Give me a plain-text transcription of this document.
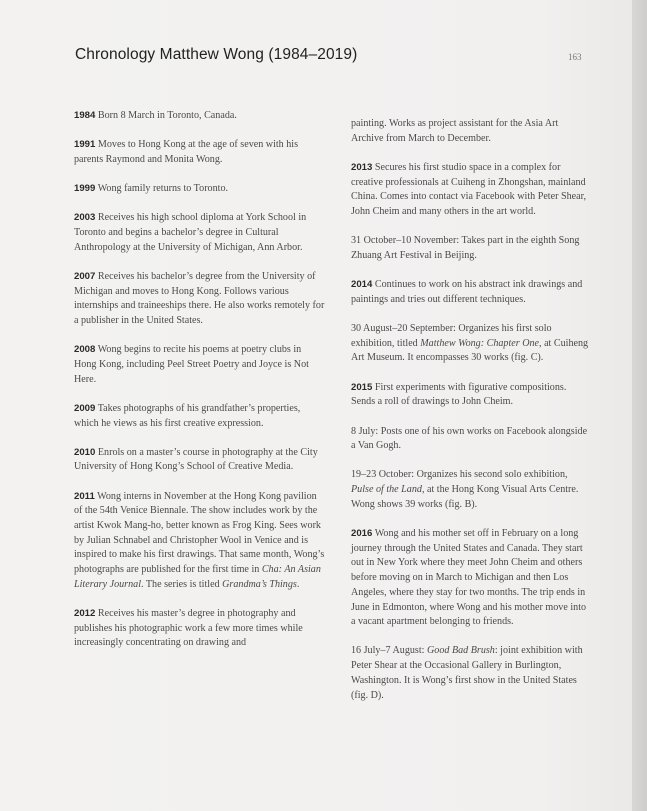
Chronology Matthew Wong (1984–2019)	163

1984 Born 8 March in Toronto, Canada.

1991 Moves to Hong Kong at the age of seven with his parents Raymond and Monita Wong.

1999 Wong family returns to Toronto.

2003 Receives his high school diploma at York School in Toronto and begins a bachelor’s degree in Cultural Anthropology at the University of Michigan, Ann Arbor.

2007 Receives his bachelor’s degree from the University of Michigan and moves to Hong Kong. Follows various internships and traineeships there. He also works remotely for a publisher in the United States.

2008 Wong begins to recite his poems at poetry clubs in Hong Kong, including Peel Street Poetry and Joyce is Not Here.

2009 Takes photographs of his grandfather’s properties, which he views as his first creative expression.

2010 Enrols on a master’s course in photography at the City University of Hong Kong’s School of Creative Media.

2011 Wong interns in November at the Hong Kong pavilion of the 54th Venice Biennale. The show includes work by the artist Kwok Mang-ho, better known as Frog King. Sees work by Julian Schnabel and Christopher Wool in Venice and is inspired to make his first drawings. That same month, Wong’s photographs are published for the first time in Cha: An Asian Literary Journal. The series is titled Grandma’s Things.

2012 Receives his master’s degree in photography and publishes his photographic work a few more times while increasingly concentrating on drawing and

painting. Works as project assistant for the Asia Art Archive from March to December.

2013 Secures his first studio space in a complex for creative professionals at Cuiheng in Zhongshan, mainland China. Comes into contact via Facebook with Peter Shear, John Cheim and many others in the art world.

31 October–10 November: Takes part in the eighth Song Zhuang Art Festival in Beijing.

2014 Continues to work on his abstract ink drawings and paintings and tries out different techniques.

30 August–20 September: Organizes his first solo exhibition, titled Matthew Wong: Chapter One, at Cuiheng Art Museum. It encompasses 30 works (fig. C).

2015 First experiments with figurative compositions. Sends a roll of drawings to John Cheim.

8 July: Posts one of his own works on Facebook alongside a Van Gogh.

19–23 October: Organizes his second solo exhibition, Pulse of the Land, at the Hong Kong Visual Arts Centre. Wong shows 39 works (fig. B).

2016 Wong and his mother set off in February on a long journey through the United States and Canada. They start out in New York where they meet John Cheim and others before moving on in March to Michigan and then Los Angeles, where they stay for two months. The trip ends in June in Edmonton, where Wong and his mother move into a vacant apartment belonging to friends.

16 July–7 August: Good Bad Brush: joint exhibition with Peter Shear at the Occasional Gallery in Burlington, Washington. It is Wong’s first show in the United States (fig. D).
